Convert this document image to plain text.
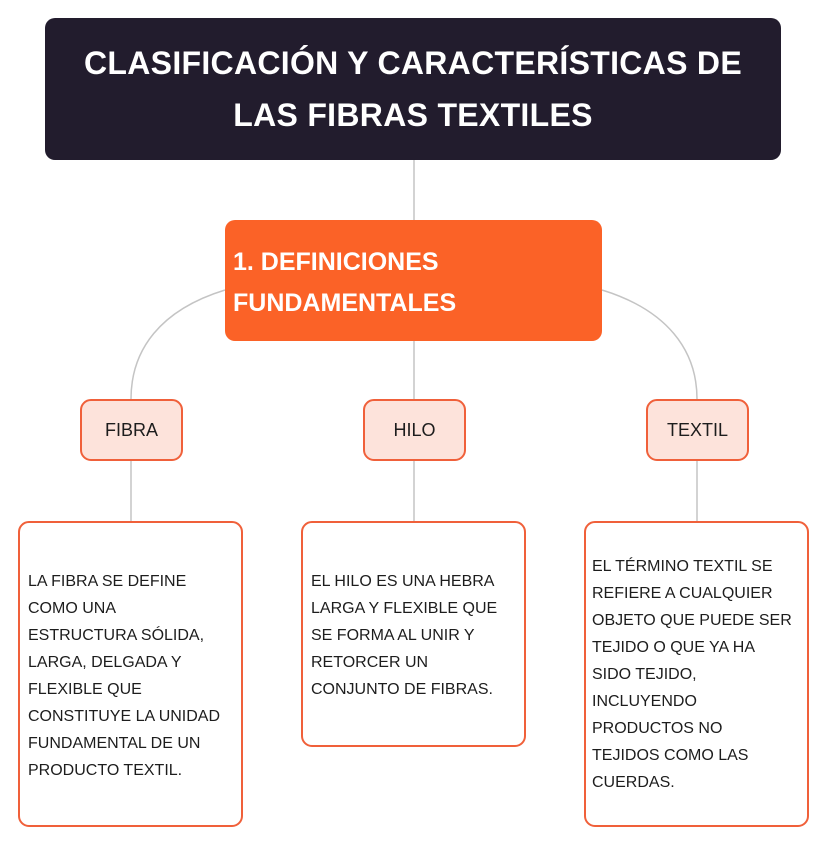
CLASIFICACIÓN Y CARACTERÍSTICAS DE
LAS FIBRAS TEXTILES
1. DEFINICIONES
FUNDAMENTALES
FIBRA	HILO	TEXTIL

LA FIBRA SE DEFINE

COMO UNA

ESTRUCTURA SÓLIDA,

LARGA, DELGADA Y

FLEXIBLE QUE

CONSTITUYE LA UNIDAD

FUNDAMENTAL DE UN

PRODUCTO TEXTIL.

EL HILO ES UNA HEBRA

LARGA Y FLEXIBLE QUE

SE FORMA AL UNIR Y

RETORCER UN

CONJUNTO DE FIBRAS.

EL TÉRMINO TEXTIL SE

REFIERE A CUALQUIER

OBJETO QUE PUEDE SER

TEJIDO O QUE YA HA

SIDO TEJIDO,

INCLUYENDO

PRODUCTOS NO

TEJIDOS COMO LAS

CUERDAS.
